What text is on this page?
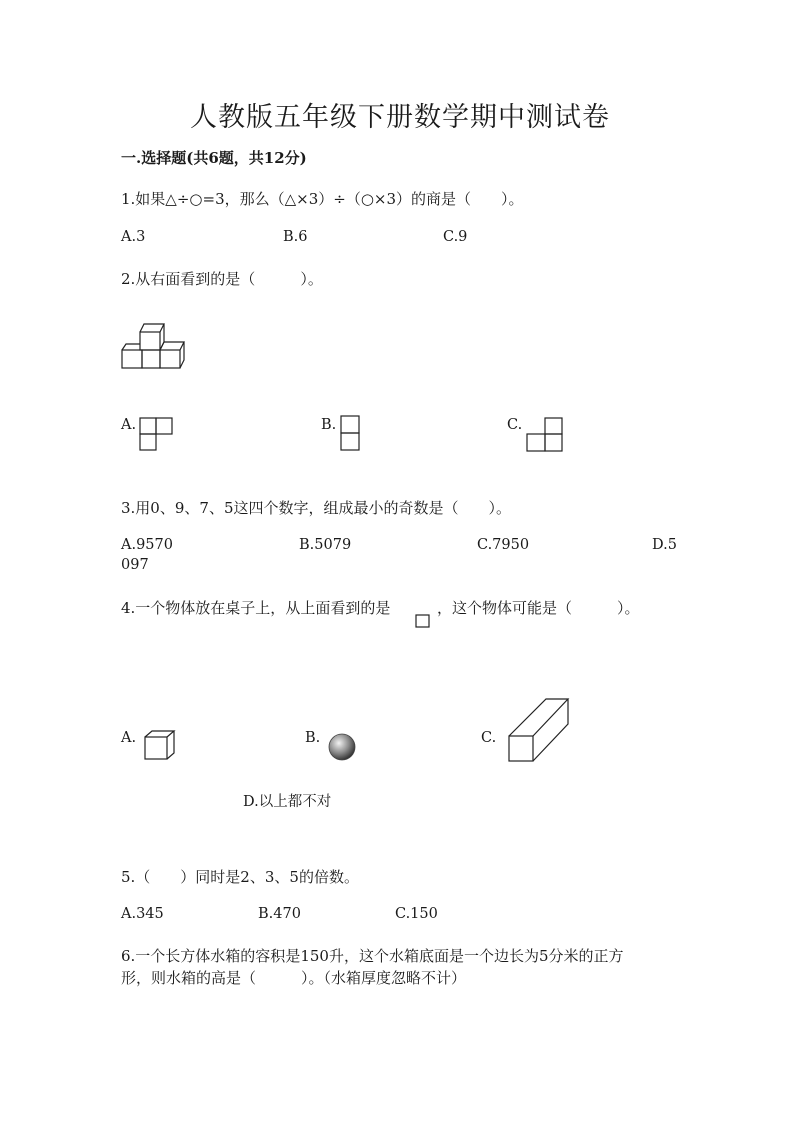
人教版五年级下册数学期中测试卷
一.选择题(共6题，共12分)
1.如果△÷○=3，那么（△×3）÷（○×3）的商是（　　）。
A.3	B.6	C.9
2.从右面看到的是（　　　）。
A.	B.	C.
3.用0、9、7、5这四个数字，组成最小的奇数是（　　）。
A.9570	B.5079	C.7950	D.5
097
4.一个物体放在桌子上，从上面看到的是	，这个物体可能是（　　　）。
A.	B.	C.
D.以上都不对
5.（　　）同时是2、3、5的倍数。
A.345	B.470	C.150
6.一个长方体水箱的容积是150升，这个水箱底面是一个边长为5分米的正方
形，则水箱的高是（　　　）。（水箱厚度忽略不计）
